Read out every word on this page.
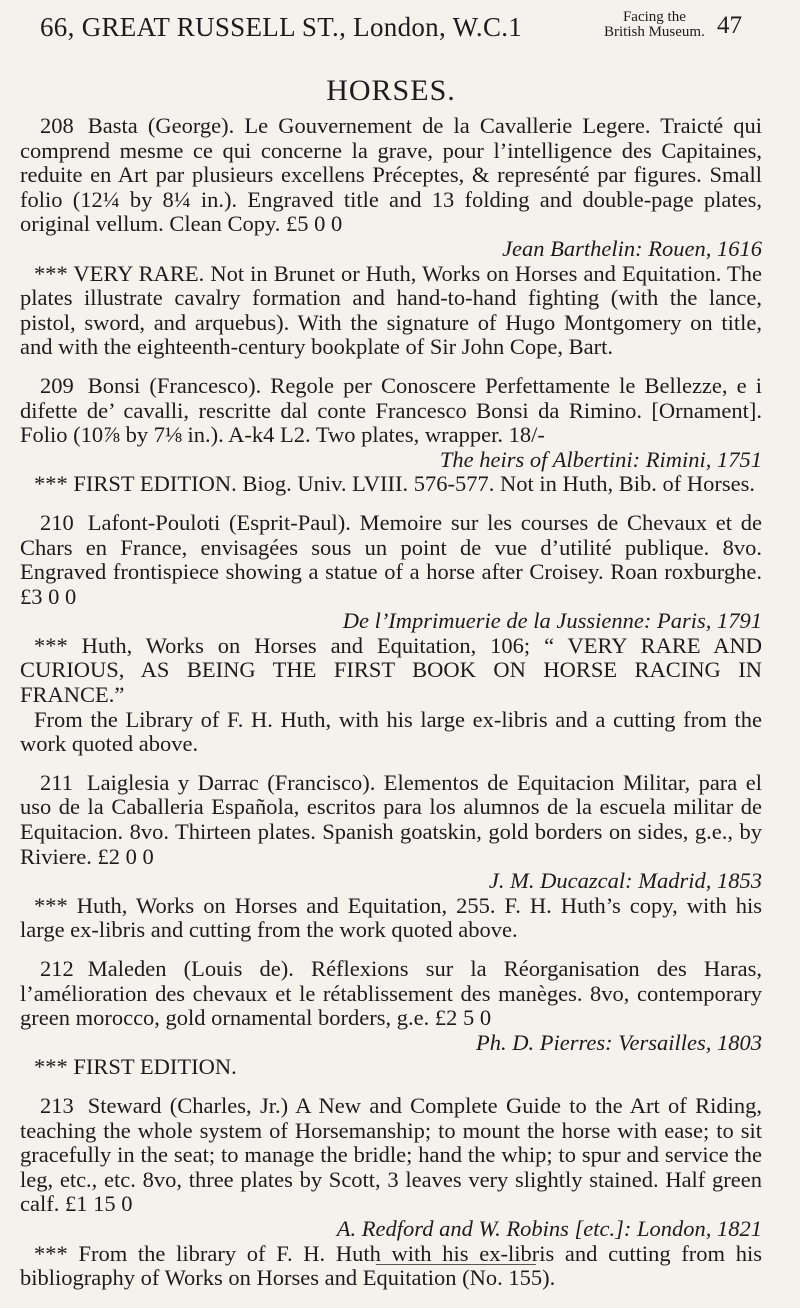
66, GREAT RUSSELL ST., London, W.C.1	Facing the
British Museum. 47
HORSES.

208 Basta (George). Le Gouvernement de la Cavallerie Legere. Traicté qui comprend mesme ce qui concerne la grave, pour l’intelligence des Capitaines, reduite en Art par plusieurs excellens Préceptes, & represénté par figures. Small folio (12¼ by 8¼ in.). Engraved title and 13 folding and double-page plates, original vellum. Clean Copy. £5 0 0

Jean Barthelin: Rouen, 1616

*** VERY RARE. Not in Brunet or Huth, Works on Horses and Equitation. The plates illustrate cavalry formation and hand-to-hand fighting (with the lance, pistol, sword, and arquebus). With the signature of Hugo Montgomery on title, and with the eighteenth-century bookplate of Sir John Cope, Bart.

209 Bonsi (Francesco). Regole per Conoscere Perfettamente le Bellezze, e i difette de’ cavalli, rescritte dal conte Francesco Bonsi da Rimino. [Ornament]. Folio (10⅞ by 7⅛ in.). A-k4 L2. Two plates, wrapper. 18/-

The heirs of Albertini: Rimini, 1751

*** FIRST EDITION. Biog. Univ. LVIII. 576-577. Not in Huth, Bib. of Horses.

210 Lafont-Pouloti (Esprit-Paul). Memoire sur les courses de Chevaux et de Chars en France, envisagées sous un point de vue d’utilité publique. 8vo. Engraved frontispiece showing a statue of a horse after Croisey. Roan roxburghe. £3 0 0

De l’Imprimuerie de la Jussienne: Paris, 1791

*** Huth, Works on Horses and Equitation, 106; “ VERY RARE AND CURIOUS, AS BEING THE FIRST BOOK ON HORSE RACING IN FRANCE.”

From the Library of F. H. Huth, with his large ex-libris and a cutting from the work quoted above.

211 Laiglesia y Darrac (Francisco). Elementos de Equitacion Militar, para el uso de la Caballeria Española, escritos para los alumnos de la escuela militar de Equitacion. 8vo. Thirteen plates. Spanish goatskin, gold borders on sides, g.e., by Riviere. £2 0 0

J. M. Ducazcal: Madrid, 1853

*** Huth, Works on Horses and Equitation, 255. F. H. Huth’s copy, with his large ex-libris and cutting from the work quoted above.

212 Maleden (Louis de). Réflexions sur la Réorganisation des Haras, l’amélioration des chevaux et le rétablissement des manèges. 8vo, contemporary green morocco, gold ornamental borders, g.e. £2 5 0

Ph. D. Pierres: Versailles, 1803

*** FIRST EDITION.

213 Steward (Charles, Jr.) A New and Complete Guide to the Art of Riding, teaching the whole system of Horsemanship; to mount the horse with ease; to sit gracefully in the seat; to manage the bridle; hand the whip; to spur and service the leg, etc., etc. 8vo, three plates by Scott, 3 leaves very slightly stained. Half green calf. £1 15 0

A. Redford and W. Robins [etc.]: London, 1821

*** From the library of F. H. Huth with his ex-libris and cutting from his bibliography of Works on Horses and Equitation (No. 155).
